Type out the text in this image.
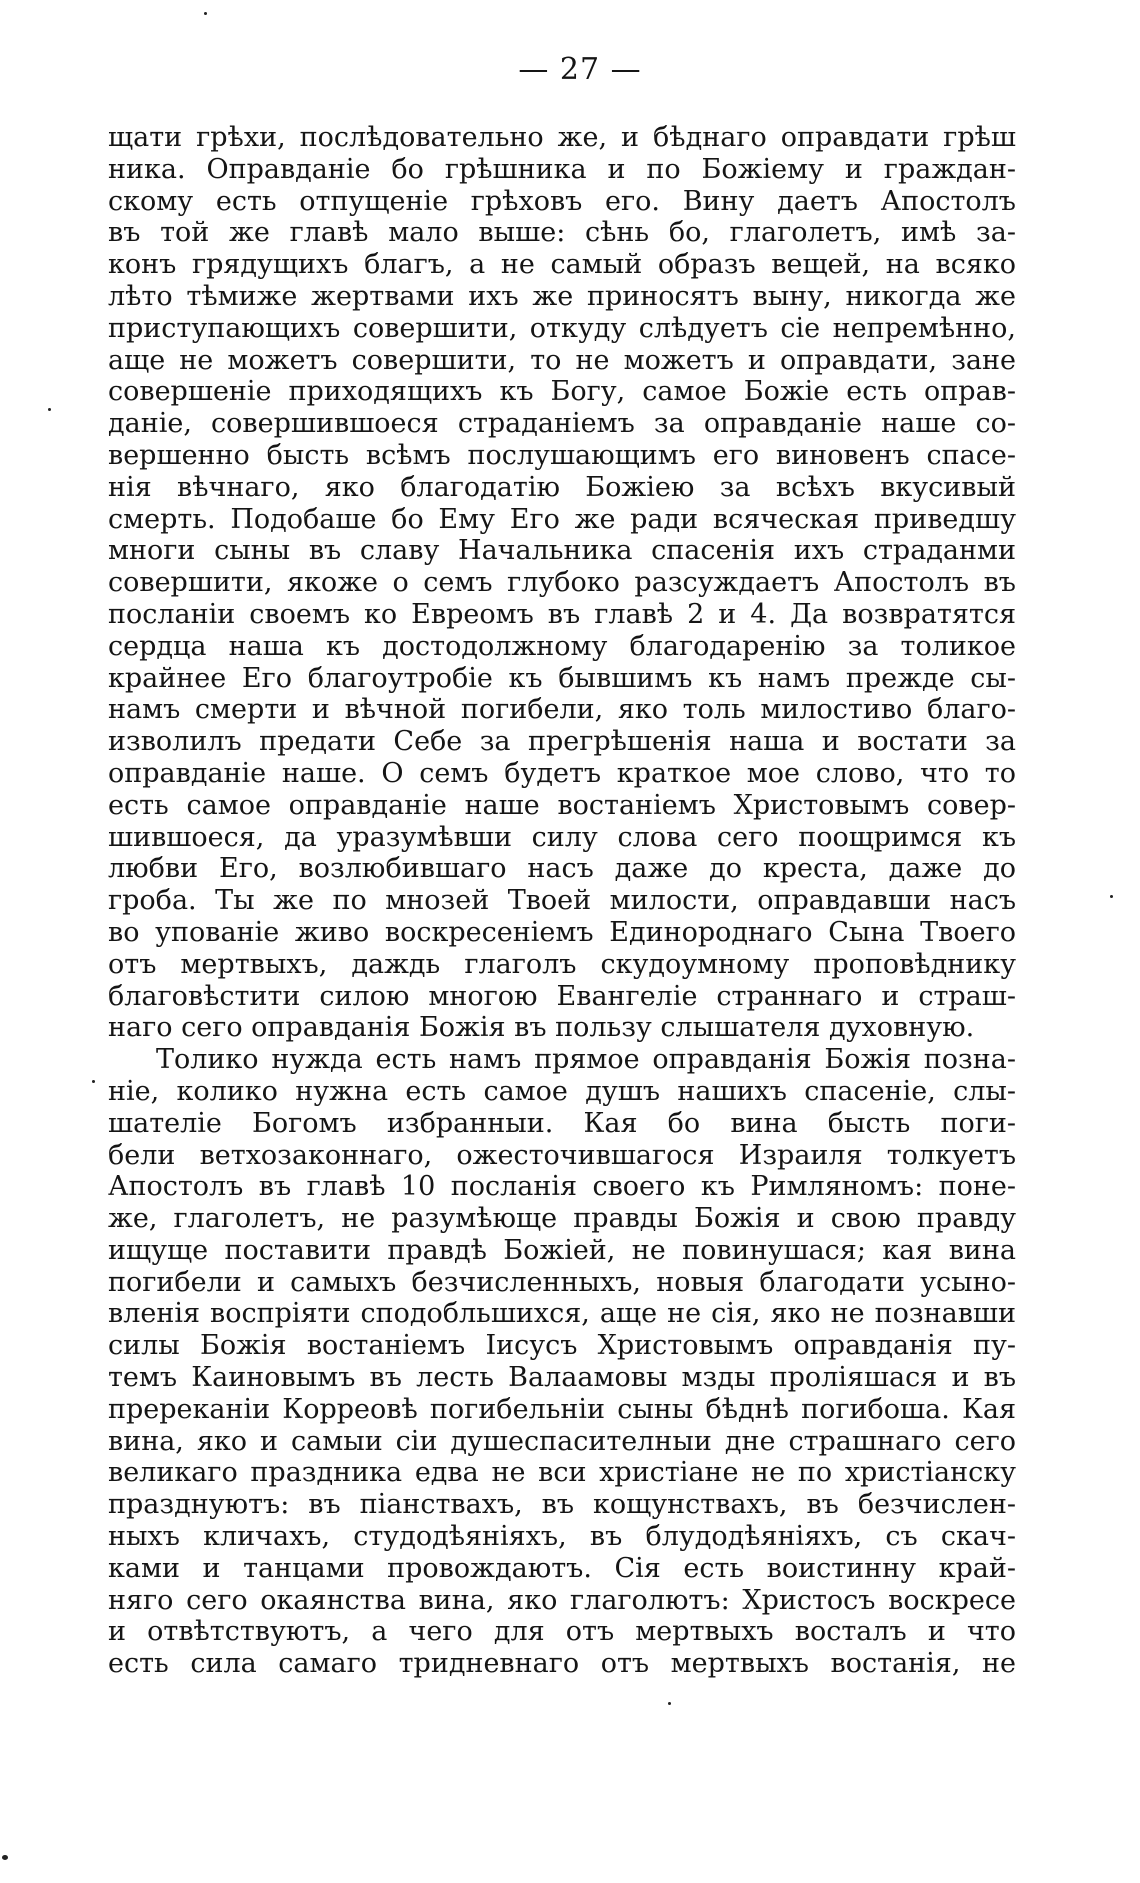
— 27 —
щати грѣхи, послѣдовательно же, и бѣднаго оправдати грѣш
ника. Оправданіе бо грѣшника и по Божіему и граждан-
скому есть отпущеніе грѣховъ его. Вину даетъ Апостолъ
въ той же главѣ мало выше: сѣнь бо, глаголетъ, имѣ за-
конъ грядущихъ благъ, а не самый образъ вещей, на всяко
лѣто тѣмиже жертвами ихъ же приносятъ выну, никогда же
приступающихъ совершити, откуду слѣдуетъ сіе непремѣнно,
аще не можетъ совершити, то не можетъ и оправдати, зане
совершеніе приходящихъ къ Богу, самое Божіе есть оправ-
даніе, совершившоеся страданіемъ за оправданіе наше со-
вершенно бысть всѣмъ послушающимъ его виновенъ спасе-
нія вѣчнаго, яко благодатію Божіею за всѣхъ вкусивый
смерть. Подобаше бо Ему Его же ради всяческая приведшу
многи сыны въ славу Начальника спасенія ихъ страданми
совершити, якоже о семъ глубоко разсуждаетъ Апостолъ въ
посланіи своемъ ко Евреомъ въ главѣ 2 и 4. Да возвратятся
сердца наша къ достодолжному благодаренію за толикое
крайнее Его благоутробіе къ бывшимъ къ намъ прежде сы-
намъ смерти и вѣчной погибели, яко толь милостиво благо-
изволилъ предати Себе за прегрѣшенія наша и востати за
оправданіе наше. О семъ будетъ краткое мое слово, что то
есть самое оправданіе наше востаніемъ Христовымъ совер-
шившоеся, да уразумѣвши силу слова сего поощримся къ
любви Его, возлюбившаго насъ даже до креста, даже до
гроба. Ты же по мнозей Твоей милости, оправдавши насъ
во упованіе живо воскресеніемъ Единороднаго Сына Твоего
отъ мертвыхъ, даждь глаголъ скудоумному проповѣднику
благовѣстити силою многою Евангеліе страннаго и страш-
наго сего оправданія Божія въ пользу слышателя духовную.
Толико нужда есть намъ прямое оправданія Божія позна-
ніе, колико нужна есть самое душъ нашихъ спасеніе, слы-
шателіе Богомъ избранныи. Кая бо вина бысть поги-
бели ветхозаконнаго, ожесточившагося Израиля толкуетъ
Апостолъ въ главѣ 10 посланія своего къ Римляномъ: поне-
же, глаголетъ, не разумѣюще правды Божія и свою правду
ищуще поставити правдѣ Божіей, не повинушася; кая вина
погибели и самыхъ безчисленныхъ, новыя благодати усыно-
вленія воспріяти сподобльшихся, аще не сія, яко не познавши
силы Божія востаніемъ Іисусъ Христовымъ оправданія пу-
темъ Каиновымъ въ лесть Валаамовы мзды пролiяшася и въ
пререканіи Корреовѣ погибельнiи сыны бѣднѣ погибоша. Кая
вина, яко и самыи сіи душеспасителныи дне страшнаго сего
великаго праздника едва не вси христiане не по христіанску
празднуютъ: въ піанствахъ, въ кощунствахъ, въ безчислен-
ныхъ кличахъ, студодѣяніяхъ, въ блудодѣяніяхъ, съ скач-
ками и танцами провождаютъ. Сія есть воистинну край-
няго сего окаянства вина, яко глаголютъ: Христосъ воскресе
и отвѣтствуютъ, а чего для отъ мертвыхъ восталъ и что
есть сила самаго тридневнаго отъ мертвыхъ востанія, не
